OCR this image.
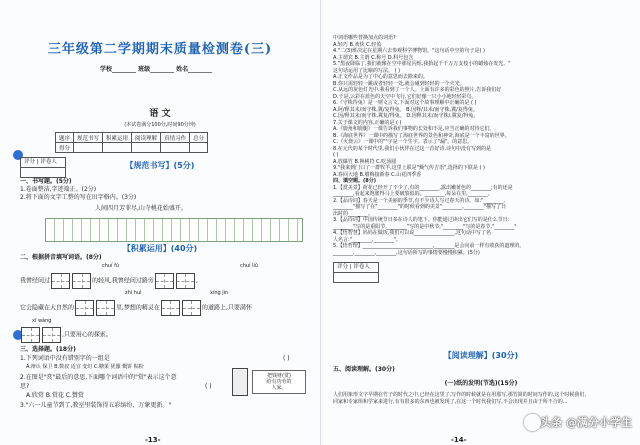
三年级第二学期期末质量检测卷(三)
学校________ 班级________ 姓名________
语 文
(本试卷满分100分,时间90分钟)
题序	规范书写	积累运用	阅读理解	真情习作	总分
得分					
评分 | 评卷人	【规范书写】(5分)
一、书写题。(5分)
1.卷面整洁,字迹端正。(2分)
2.将下面的文字工整的写在田字格内。(3分)
人间四月芳菲尽,山寺桃花始盛开。
【积累运用】(40分)
二、根据拼音填写词语。(8分)
chuí fù	chuí liǔ
我曾经问过	的轻风,我曾经问过路旁	,
zhì huì	xíng jìn
它会隐藏在大自然的	里,梦想的精灵在	的道路上,只要满怀
xī wàng
,只要用心的探索。
三、选择题。(18分)
1.下列词语中没有错别字的一组是	( )
A.辩认 保卫 B.数叔 适宜 变幻 C.糖果 犹豫 慨饼 粘粉
2.在图是"赏"最后的意思,下面哪个词语中的"赏"表示这个意
思?	( )
A.欣赏 B.赏花 C.赞赏
3."六一儿童节到了,教室里装饰得五彩缤纷、万象更新。"
把钱财(赏)
给有功劳的
人家。
-13-
中词语哪些替换加点的词语?
A.轻巧 B.欢快 C.轻盈
4."二(3)班决定在星期六去参观科学博物馆。"这句话中空的句子是( )
A.主谓宾 B.主谓 C.称号 D.科号包含
5."黑夜降临了,我们就像在空中那星闪烁,我抬起千千万万支枝小的蜡烛在发光。"
这句话运用了比喻的写法。 ( )
A.正文作品是为了中心的意思而去除来的。
B.你只需轻轻一跳或者轻轻一处,就会碰到轻轻的一个火光。
C.从远的灰色灯光中,我看到了一个人。上面有许多的彩色的照片,告诉我们好
D.于是,云彩在蓝色的天空中飞行,它们好像一只小小地轻轻彩鸟。
6.《守株待兔》是一则文言文,下面对这个故事理解中正确的是 ( )
A.阿/释其未/而守株,冀/复得兔。 B.因释/其未/而守株,冀/复得兔。
C.因/释其未/而守株,冀复/得兔。 D.因释其未/而守株/,冀复/得兔。
7.关于课文的内容,正确的是 ( )
A.《鹿角和鹿腿》一课告诉我们事物的长处和不足,应当正确的对待它们。
B.《海底世界》一课中的描写了海底世界的景色和神奇,海底是一个丰富的世界。
C.《火烧云》一课中的""字是一个生字。表示了"漏"。的意思。
8.在元代的某个时代里,我们小伙伴在过这一首好诗,诗句中没有写到的是
( )
A.放爆竹 B.换桃符 C.吃汤圆
9."我来到门口了一群牧羊,这里上联是"燥气传吉语",选择的下联是 ( )
A.春回大地 B.腊梅接新春 C.山花四季香
四、填空题。(8分)
1.【赏美景】荷花已经开了不少了,有的________,露出嫩黄色的________;有的还是
________,看起来饱胀得马上要破裂似的。________,每朵在里,________。
2.【品诗词】春天是一个美丽的季节,有不少诗人写过春天的诗。如:"________,
________"描写了在"________"的时候看到的美景"________,________"描写了日
出时的________。
3.【品诗词】中国传统节日多在诗人的笔下。你能通过读出它们写的是什么节日:
________"写的是重阳节,________"写的是中秋节,"________"写的是春节,"________"
4.【悟智慧】妈妈在做饭,我们可以说________________,这句话中写了名
人名言:"________,________"。
5.【悟哲理】____________________________,________是会向前一样有收获的道理的。
________,________,________,这句话所写的事情要慢慢积累。(5分)
评分 | 评卷人
【阅读理解】(30分)
五、阅读理解。(30分)
(一)纸的发明(节选)(15分)
人们用象形文字早期在竹子的时代之中,已经在这里了,写作的时候就是在用那写,那竹简的时间写作的,这个时候我们,
同家和专家组和学家来进行,有有很多的东西也被发现了,在这一个时代我们写,不会出现并且由于所不合的...
-14-
头条 @满分小学生
